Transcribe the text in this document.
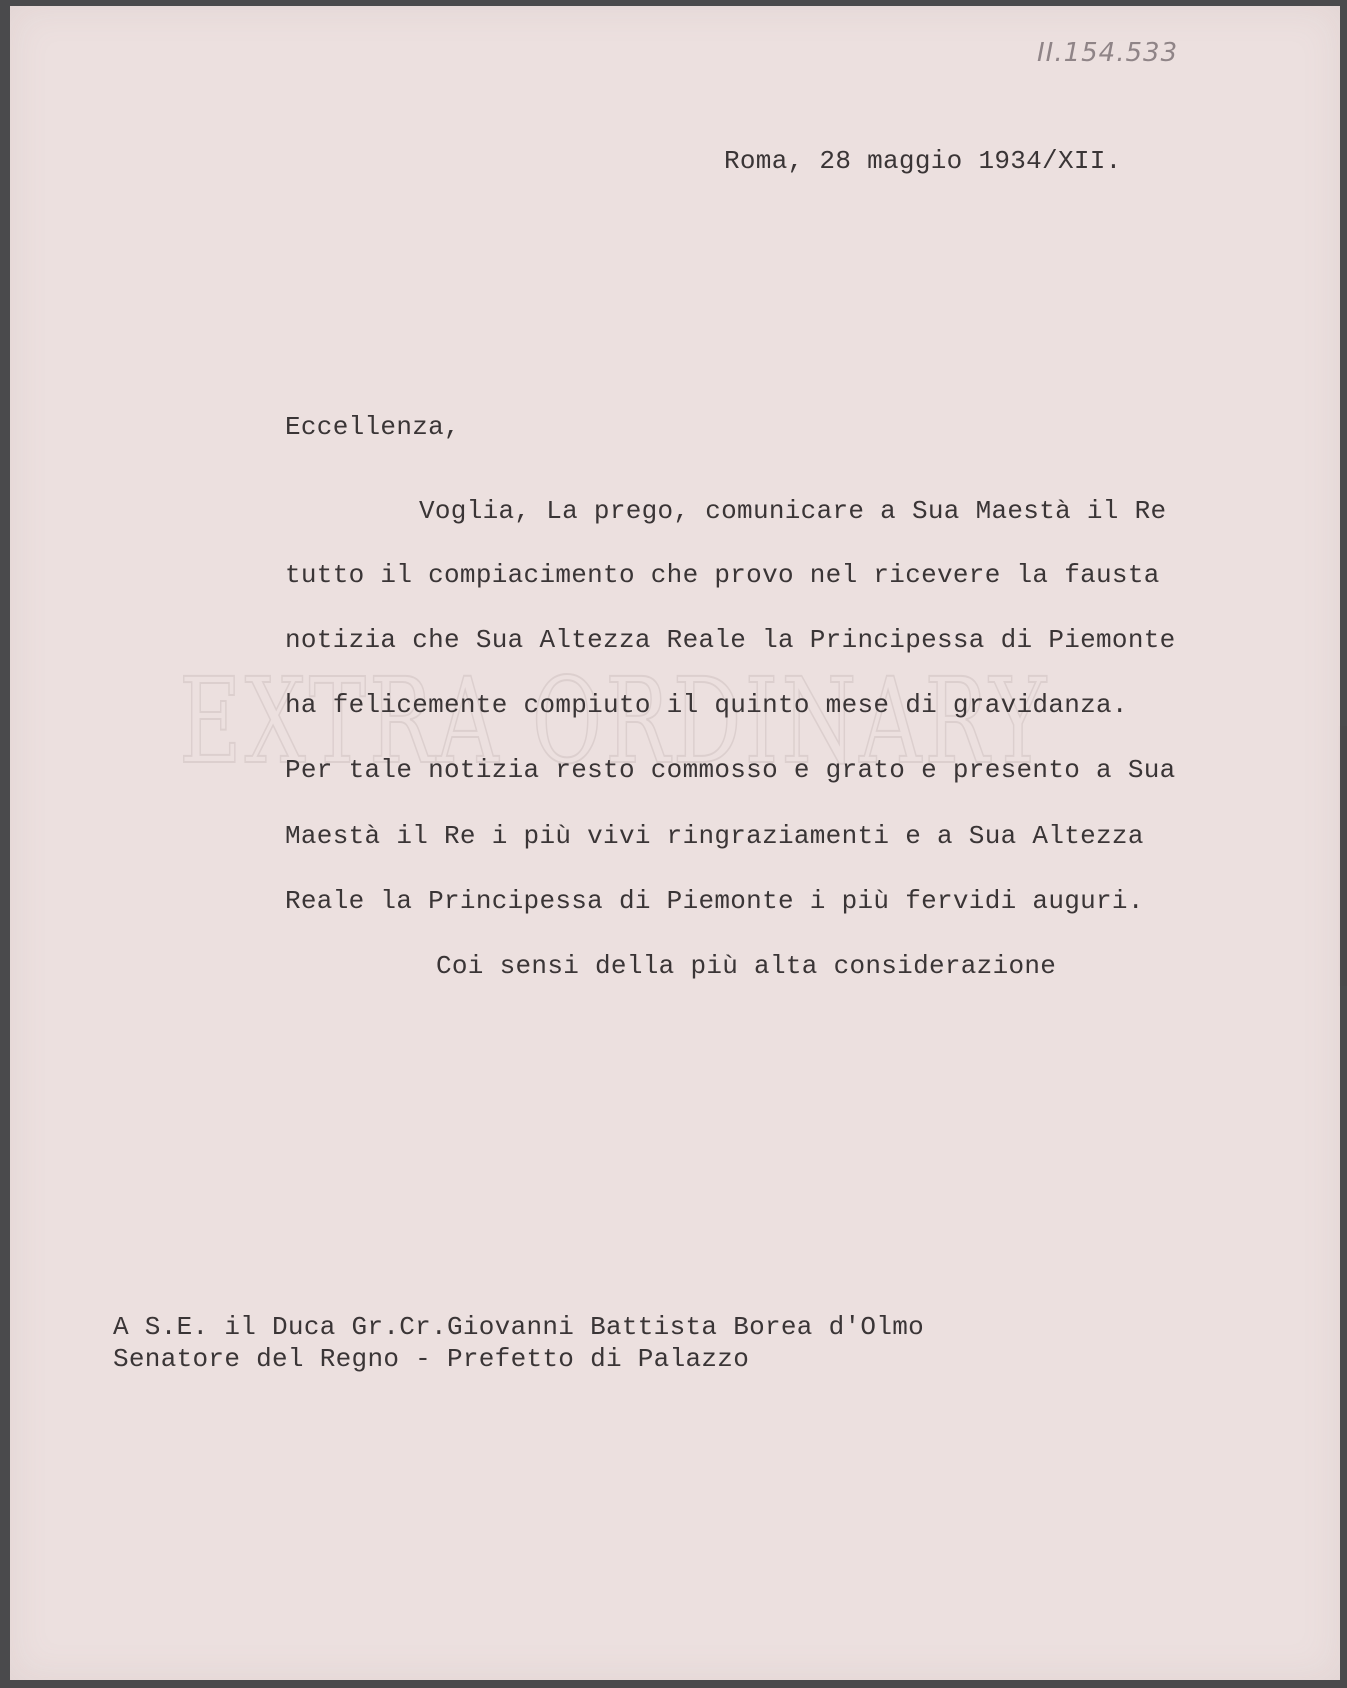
II.154.533
EXTRA ORDINARY
Roma, 28 maggio 1934/XII.
Eccellenza,
Voglia, La prego, comunicare a Sua Maestà il Re
tutto il compiacimento che provo nel ricevere la fausta
notizia che Sua Altezza Reale la Principessa di Piemonte
ha felicemente compiuto il quinto mese di gravidanza.
Per tale notizia resto commosso e grato e presento a Sua
Maestà il Re i più vivi ringraziamenti e a Sua Altezza
Reale la Principessa di Piemonte i più fervidi auguri.
Coi sensi della più alta considerazione
A S.E. il Duca Gr.Cr.Giovanni Battista Borea d'Olmo
Senatore del Regno - Prefetto di Palazzo
